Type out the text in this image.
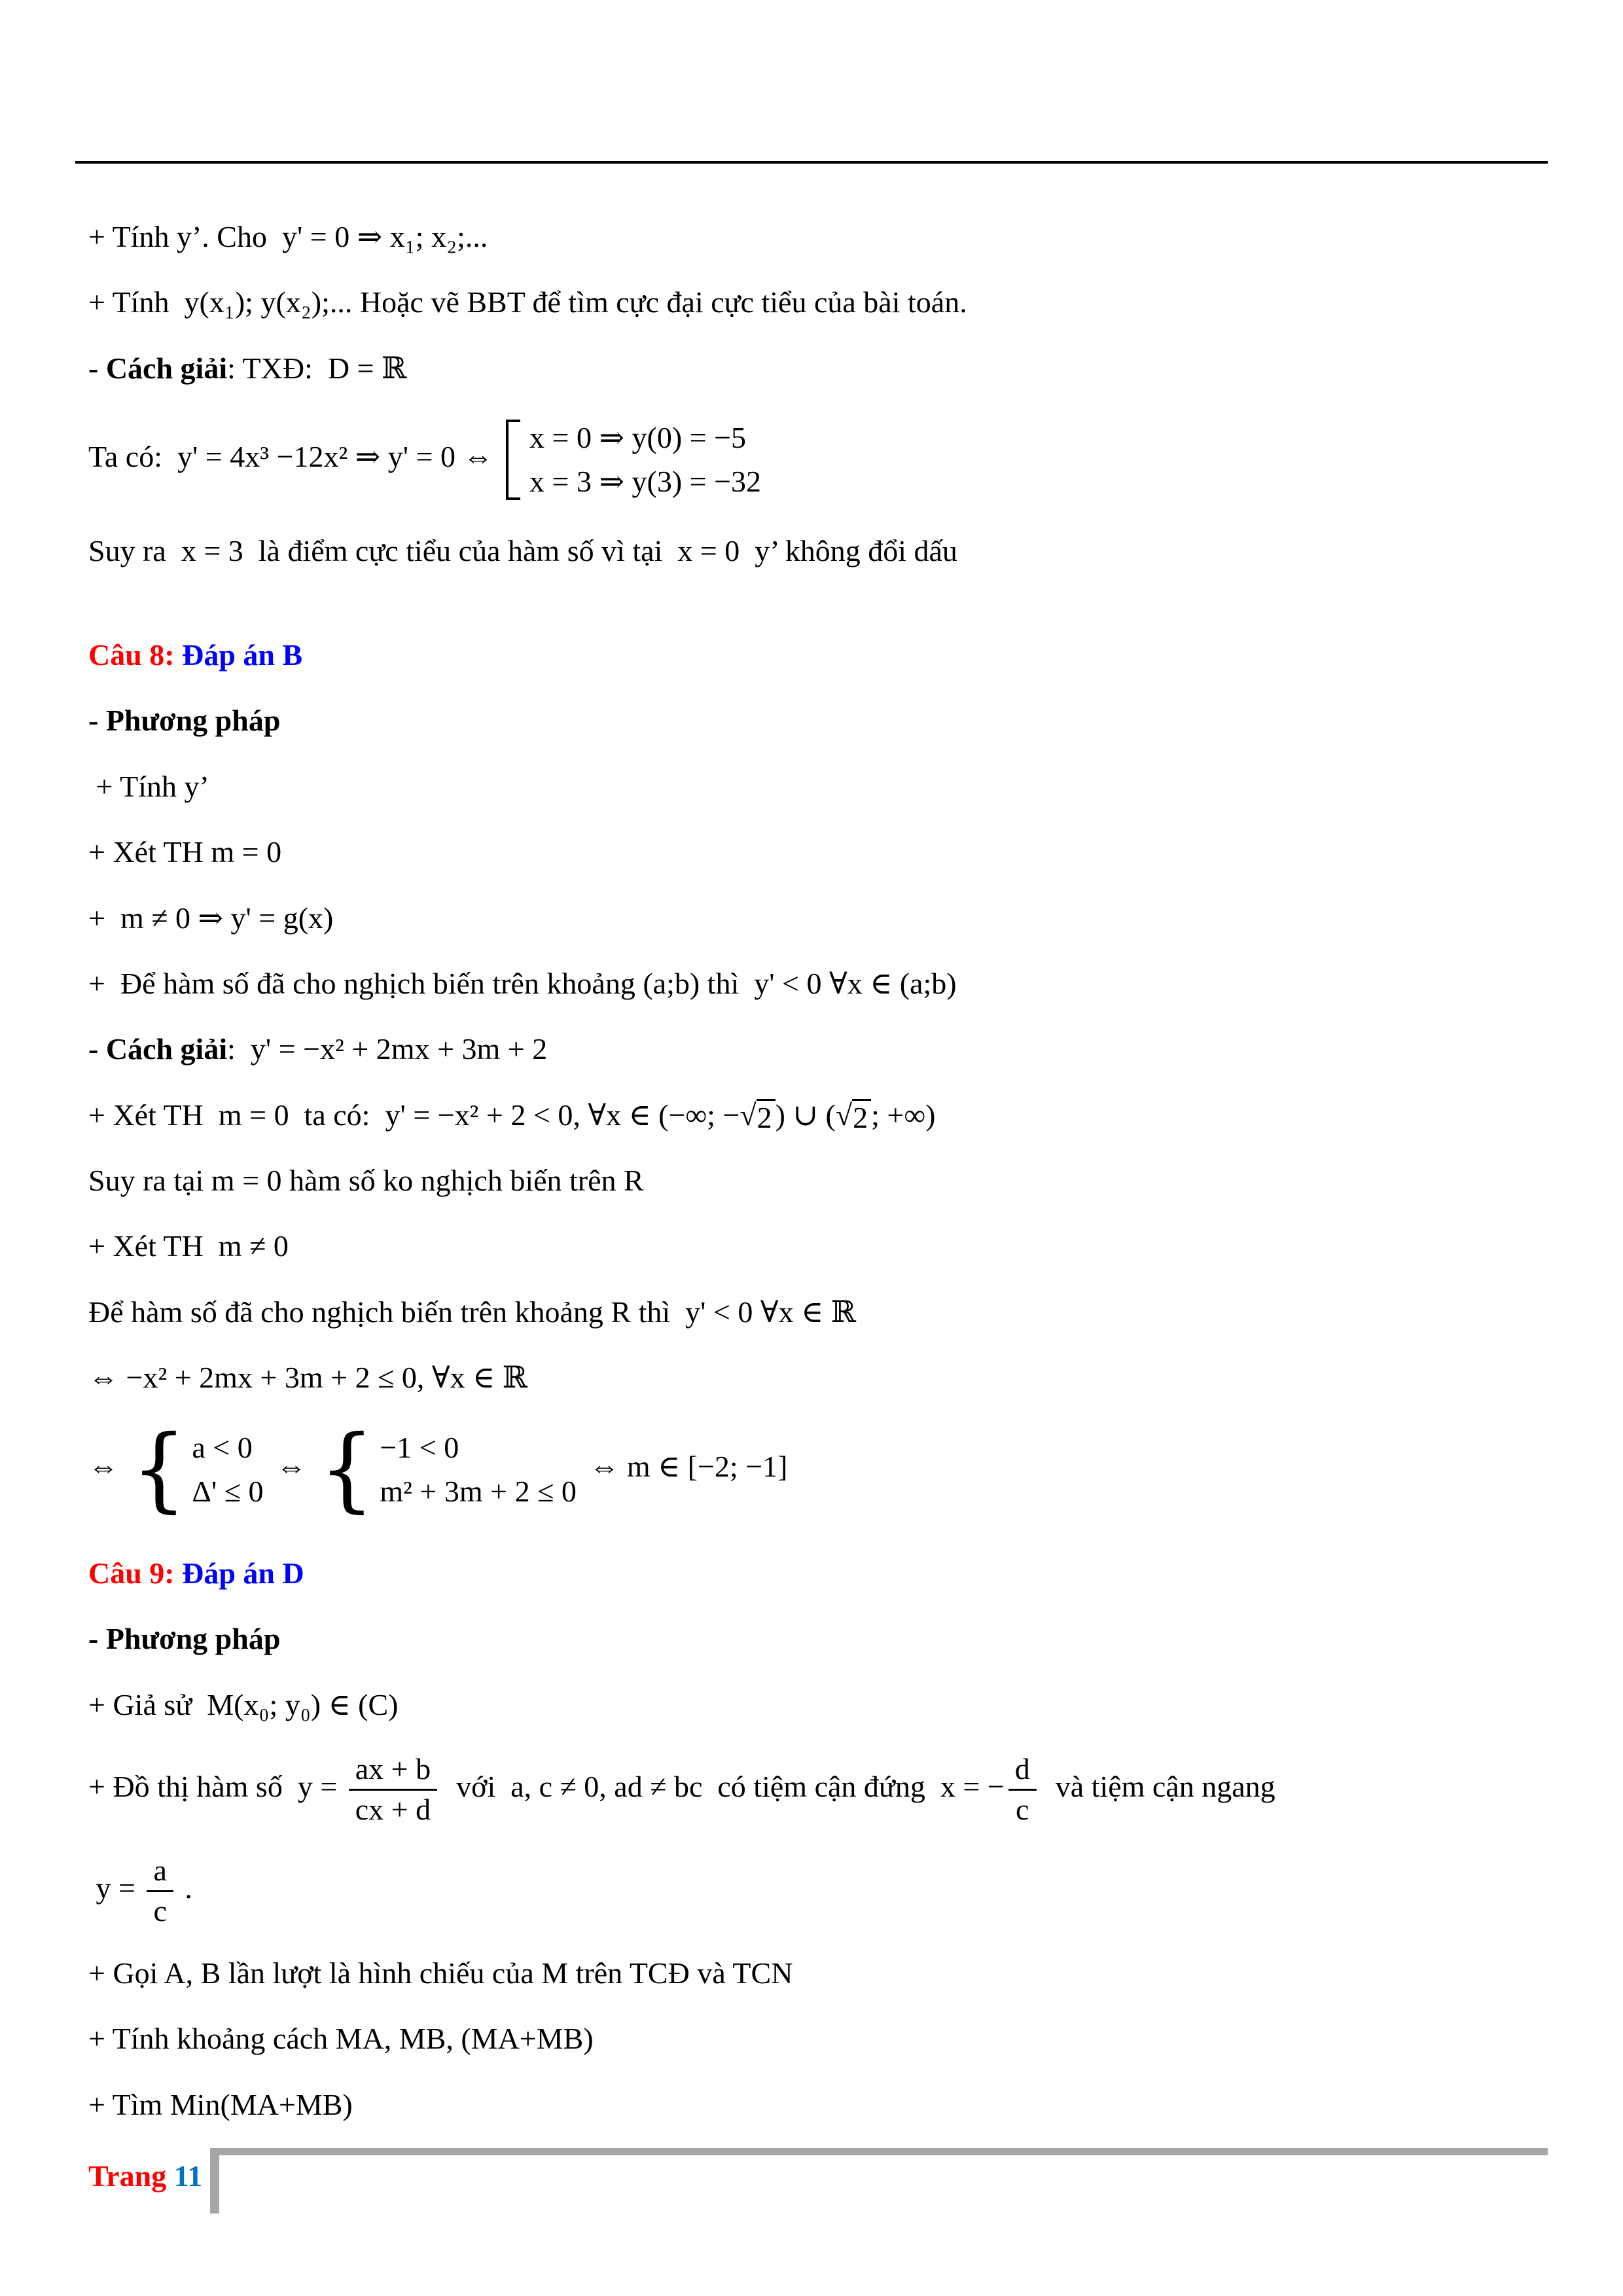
+ Tính y’. Cho  y' = 0 ⇒ x₁; x₂;...
+ Tính  y(x₁); y(x₂);... Hoặc vẽ BBT để tìm cực đại cực tiểu của bài toán.
- Cách giải: TXĐ:  D = ℝ
Ta có:  y' = 4x³ −12x² ⇒ y' = 0 ⇔
x = 0 ⇒ y(0) = −5
x = 3 ⇒ y(3) = −32
Suy ra  x = 3  là điểm cực tiểu của hàm số vì tại  x = 0  y’ không đổi dấu
Câu 8: Đáp án B
- Phương pháp
+ Tính y’
+ Xét TH m = 0
+  m ≠ 0 ⇒ y' = g(x)
+  Để hàm số đã cho nghịch biến trên khoảng (a;b) thì  y' < 0 ∀x ∈ (a;b)
- Cách giải:  y' = −x² + 2mx + 3m + 2
+ Xét TH  m = 0  ta có:  y' = −x² + 2 < 0, ∀x ∈ (−∞; − √ 2 ) ∪ ( √ 2 ; +∞)
Suy ra tại m = 0 hàm số ko nghịch biến trên R
+ Xét TH  m ≠ 0
Để hàm số đã cho nghịch biến trên khoảng R thì  y' < 0 ∀x ∈ ℝ
⇔ −x² + 2mx + 3m + 2 ≤ 0, ∀x ∈ ℝ
⇔ { a < 0
Δ' ≤ 0
⇔ { −1 < 0
m² + 3m + 2 ≤ 0
⇔ m ∈ [−2; −1]
Câu 9: Đáp án D
- Phương pháp
+ Giả sử  M(x₀; y₀) ∈ (C)
+ Đồ thị hàm số  $y = \frac{ax + b}{cx + d}$ với  a, c ≠ 0, ad ≠ bc  có tiệm cận đứng  x = − $\frac{d}{c}$ và tiệm cận ngang
$y = \frac{a}{c}$ .
+ Gọi A, B lần lượt là hình chiếu của M trên TCĐ và TCN
+ Tính khoảng cách MA, MB, (MA+MB)
+ Tìm Min(MA+MB)
Trang 11
